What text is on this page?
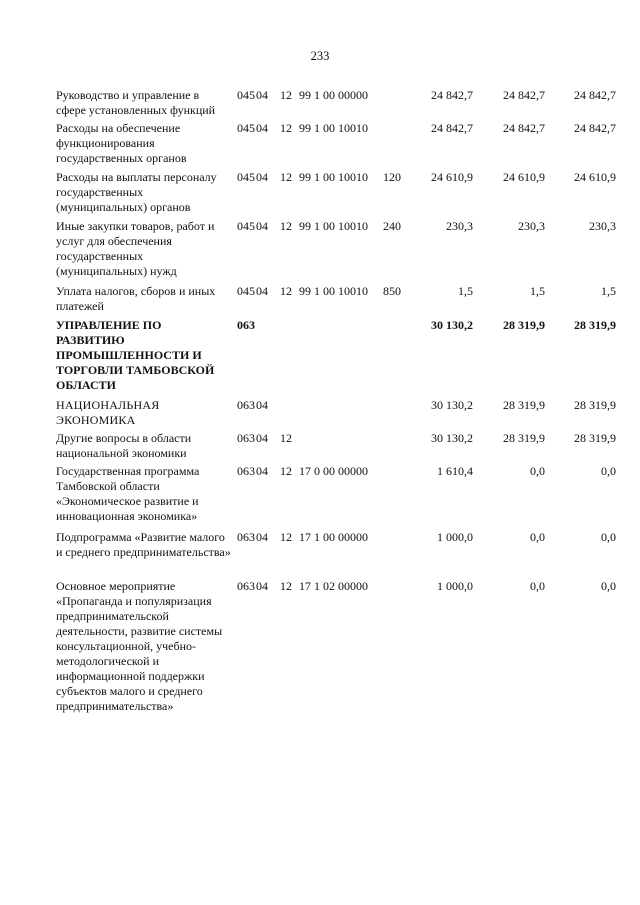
233
Руководство и управление в сфере установленных функций
045 04 12 99 1 00 00000	24 842,7	24 842,7 24 842,7
Расходы на обеспечение функционирования государственных органов
045 04 12 99 1 00 10010	24 842,7	24 842,7 24 842,7
Расходы на выплаты персоналу государственных (муниципальных) органов
045 04 12 99 1 00 10010 120	24 610,9	24 610,9 24 610,9
Иные закупки товаров, работ и услуг для обеспечения государственных (муниципальных) нужд
045 04 12 99 1 00 10010 240	230,3	230,3	230,3
Уплата налогов, сборов и иных платежей
045 04 12 99 1 00 10010 850	1,5	1,5	1,5
УПРАВЛЕНИЕ ПО РАЗВИТИЮ ПРОМЫШЛЕННОСТИ И ТОРГОВЛИ ТАМБОВСКОЙ ОБЛАСТИ
063	30 130,2	28 319,9 28 319,9
НАЦИОНАЛЬНАЯ ЭКОНОМИКА
063 04	30 130,2	28 319,9 28 319,9
Другие вопросы в области национальной экономики
063 04 12	30 130,2	28 319,9 28 319,9
Государственная программа Тамбовской области «Экономическое развитие и инновационная экономика»
063 04 12 17 0 00 00000	1 610,4	0,0	0,0
Подпрограмма «Развитие малого и среднего предпринимательства»
063 04 12 17 1 00 00000	1 000,0	0,0	0,0
Основное мероприятие «Пропаганда и популяризация предпринимательской деятельности, развитие системы консультационной, учебно-методологической и информационной поддержки субъектов малого и среднего предпринимательства»
063 04 12 17 1 02 00000	1 000,0	0,0	0,0
